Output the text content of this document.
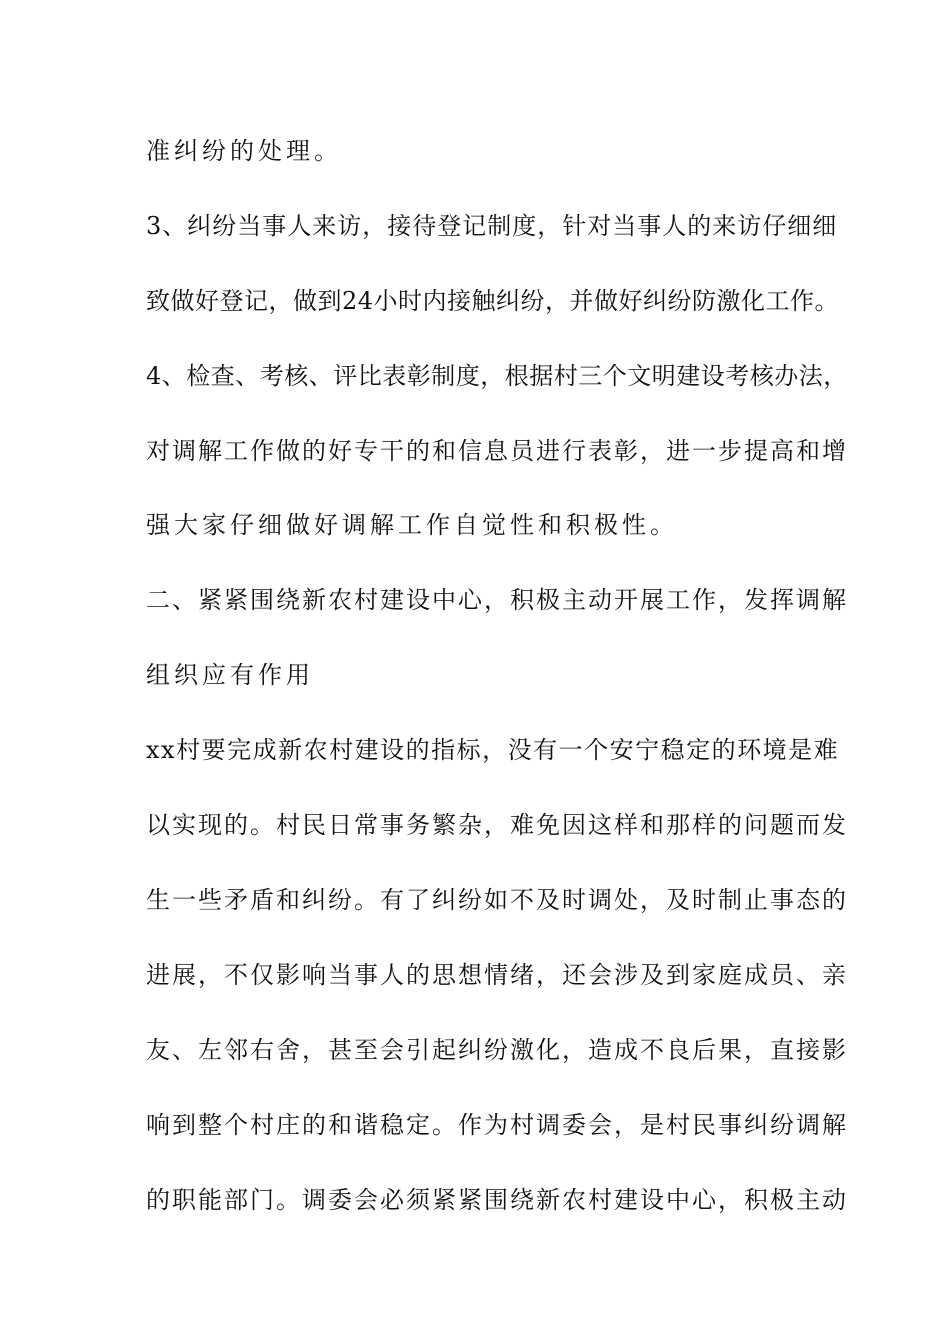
准纠纷的处理。
3、纠纷当事人来访，接待登记制度，针对当事人的来访仔细细
致做好登记，做到24小时内接触纠纷，并做好纠纷防激化工作。
4、检查、考核、评比表彰制度，根据村三个文明建设考核办法，
对调解工作做的好专干的和信息员进行表彰，进一步提高和增
强大家仔细做好调解工作自觉性和积极性。
二、紧紧围绕新农村建设中心，积极主动开展工作，发挥调解
组织应有作用
xx村要完成新农村建设的指标，没有一个安宁稳定的环境是难
以实现的。村民日常事务繁杂，难免因这样和那样的问题而发
生一些矛盾和纠纷。有了纠纷如不及时调处，及时制止事态的
进展，不仅影响当事人的思想情绪，还会涉及到家庭成员、亲
友、左邻右舍，甚至会引起纠纷激化，造成不良后果，直接影
响到整个村庄的和谐稳定。作为村调委会，是村民事纠纷调解
的职能部门。调委会必须紧紧围绕新农村建设中心，积极主动
